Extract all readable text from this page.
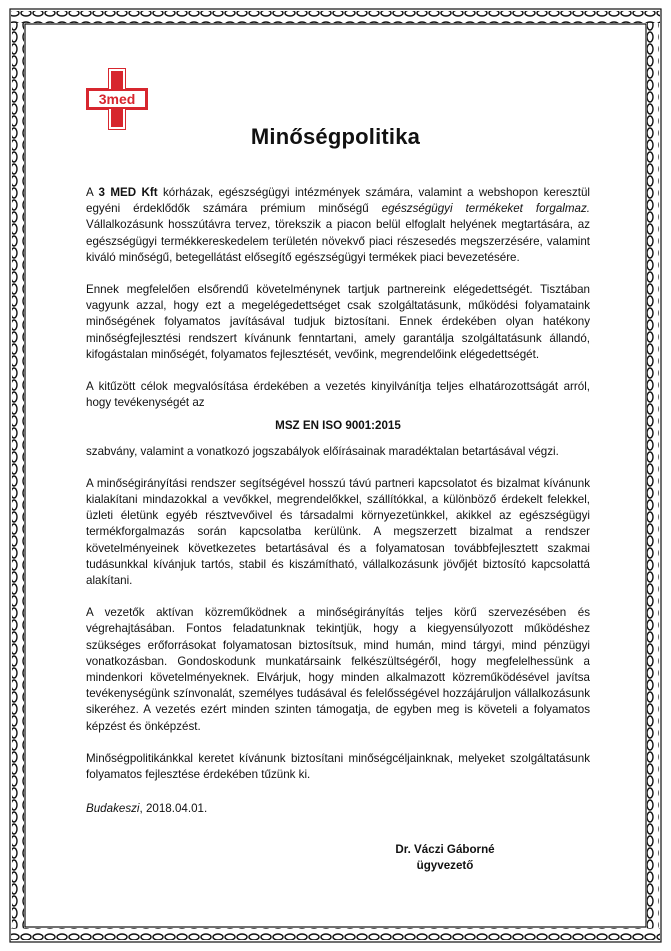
3med
Minőségpolitika

A 3 MED Kft kórházak, egészségügyi intézmények számára, valamint a webshopon keresztül egyéni érdeklődők számára prémium minőségű egészségügyi termékeket forgalmaz. Vállalkozásunk hosszútávra tervez, törekszik a piacon belül elfoglalt helyének megtartására, az egészségügyi termékkereskedelem területén növekvő piaci részesedés megszerzésére, valamint kiváló minőségű, betegellátást elősegítő egészségügyi termékek piaci bevezetésére.

Ennek megfelelően elsőrendű követelménynek tartjuk partnereink elégedettségét. Tisztában vagyunk azzal, hogy ezt a megelégedettséget csak szolgáltatásunk, működési folyamataink minőségének folyamatos javításával tudjuk biztosítani. Ennek érdekében olyan hatékony minőségfejlesztési rendszert kívánunk fenntartani, amely garantálja szolgáltatásunk állandó, kifogástalan minőségét, folyamatos fejlesztését, vevőink, megrendelőink elégedettségét.

A kitűzött célok megvalósítása érdekében a vezetés kinyilvánítja teljes elhatározottságát arról, hogy tevékenységét az

MSZ EN ISO 9001:2015

szabvány, valamint a vonatkozó jogszabályok előírásainak maradéktalan betartásával végzi.

A minőségirányítási rendszer segítségével hosszú távú partneri kapcsolatot és bizalmat kívánunk kialakítani mindazokkal a vevőkkel, megrendelőkkel, szállítókkal, a különböző érdekelt felekkel, üzleti életünk egyéb résztvevőivel és társadalmi környezetünkkel, akikkel az egészségügyi termékforgalmazás során kapcsolatba kerülünk. A megszerzett bizalmat a rendszer követelményeinek következetes betartásával és a folyamatosan továbbfejlesztett szakmai tudásunkkal kívánjuk tartós, stabil és kiszámítható, vállalkozásunk jövőjét biztosító kapcsolattá alakítani.

A vezetők aktívan közreműködnek a minőségirányítás teljes körű szervezésében és végrehajtásában. Fontos feladatunknak tekintjük, hogy a kiegyensúlyozott működéshez szükséges erőforrásokat folyamatosan biztosítsuk, mind humán, mind tárgyi, mind pénzügyi vonatkozásban. Gondoskodunk munkatársaink felkészültségéről, hogy megfelelhessünk a mindenkori követelményeknek. Elvárjuk, hogy minden alkalmazott közreműködésével javítsa tevékenységünk színvonalát, személyes tudásával és felelősségével hozzájáruljon vállalkozásunk sikeréhez. A vezetés ezért minden szinten támogatja, de egyben meg is követeli a folyamatos képzést és önképzést.

Minőségpolitikánkkal keretet kívánunk biztosítani minőségcéljainknak, melyeket szolgáltatásunk folyamatos fejlesztése érdekében tűzünk ki.

Budakeszi, 2018.04.01.

Dr. Váczi Gáborné
ügyvezető
